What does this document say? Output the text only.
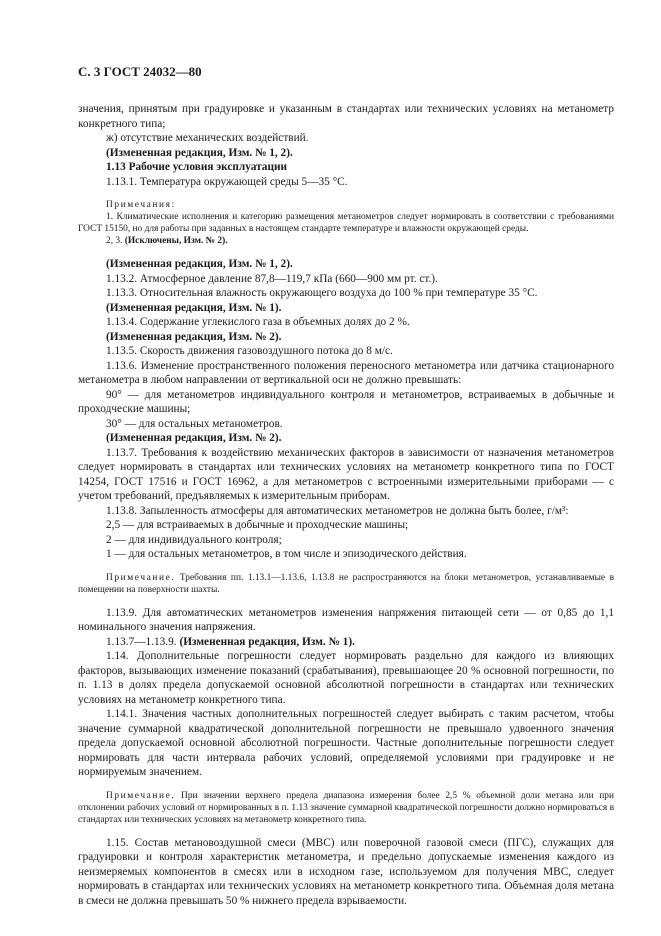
С. 3 ГОСТ 24032—80

значения, принятым при градуировке и указанным в стандартах или технических условиях на метанометр конкретного типа;

ж) отсутствие механических воздействий.

(Измененная редакция, Изм. № 1, 2).

1.13 Рабочие условия эксплуатации

1.13.1. Температура окружающей среды 5—35 °С.

Примечания:

1. Климатические исполнения и категорию размещения метанометров следует нормировать в соответствии с требованиями ГОСТ 15150, но для работы при заданных в настоящем стандарте температуре и влажности окружающей среды.

2, 3. (Исключены, Изм. № 2).

(Измененная редакция, Изм. № 1, 2).

1.13.2. Атмосферное давление 87,8—119,7 кПа (660—900 мм рт. ст.).

1.13.3. Относительная влажность окружающего воздуха до 100 % при температуре 35 °С.

(Измененная редакция, Изм. № 1).

1.13.4. Содержание углекислого газа в объемных долях до 2 %.

(Измененная редакция, Изм. № 2).

1.13.5. Скорость движения газовоздушного потока до 8 м/с.

1.13.6. Изменение пространственного положения переносного метанометра или датчика стационарного метанометра в любом направлении от вертикальной оси не должно превышать:

90° — для метанометров индивидуального контроля и метанометров, встраиваемых в добычные и проходческие машины;

30° — для остальных метанометров.

(Измененная редакция, Изм. № 2).

1.13.7. Требования к воздействию механических факторов в зависимости от назначения метанометров следует нормировать в стандартах или технических условиях на метанометр конкретного типа по ГОСТ 14254, ГОСТ 17516 и ГОСТ 16962, а для метанометров с встроенными измерительными приборами — с учетом требований, предъявляемых к измерительным приборам.

1.13.8. Запыленность атмосферы для автоматических метанометров не должна быть более, г/м³:

2,5 — для встраиваемых в добычные и проходческие машины;

2 — для индивидуального контроля;

1 — для остальных метанометров, в том числе и эпизодического действия.

Примечание. Требования пп. 1.13.1—1.13.6, 1.13.8 не распространяются на блоки метанометров, устанавливаемые в помещении на поверхности шахты.

1.13.9. Для автоматических метанометров изменения напряжения питающей сети — от 0,85 до 1,1 номинального значения напряжения.

1.13.7—1.13.9. (Измененная редакция, Изм. № 1).

1.14. Дополнительные погрешности следует нормировать раздельно для каждого из влияющих факторов, вызывающих изменение показаний (срабатывания), превышающее 20 % основной погрешности, по п. 1.13 в долях предела допускаемой основной абсолютной погрешности в стандартах или технических условиях на метанометр конкретного типа.

1.14.1. Значения частных дополнительных погрешностей следует выбирать с таким расчетом, чтобы значение суммарной квадратической дополнительной погрешности не превышало удвоенного значения предела допускаемой основной абсолютной погрешности. Частные дополнительные погрешности следует нормировать для части интервала рабочих условий, определяемой условиями при градуировке и не нормируемым значением.

Примечание. При значении верхнего предела диапазона измерения более 2,5 % объемной доли метана или при отклонении рабочих условий от нормированных в п. 1.13 значение суммарной квадратической погрешности должно нормироваться в стандартах или технических условиях на метанометр конкретного типа.

1.15. Состав метановоздушной смеси (МВС) или поверочной газовой смеси (ПГС), служащих для градуировки и контроля характеристик метанометра, и предельно допускаемые изменения каждого из неизмеряемых компонентов в смесях или в исходном газе, используемом для получения МВС, следует нормировать в стандартах или технических условиях на метанометр конкретного типа. Объемная доля метана в смеси не должна превышать 50 % нижнего предела взрываемости.
